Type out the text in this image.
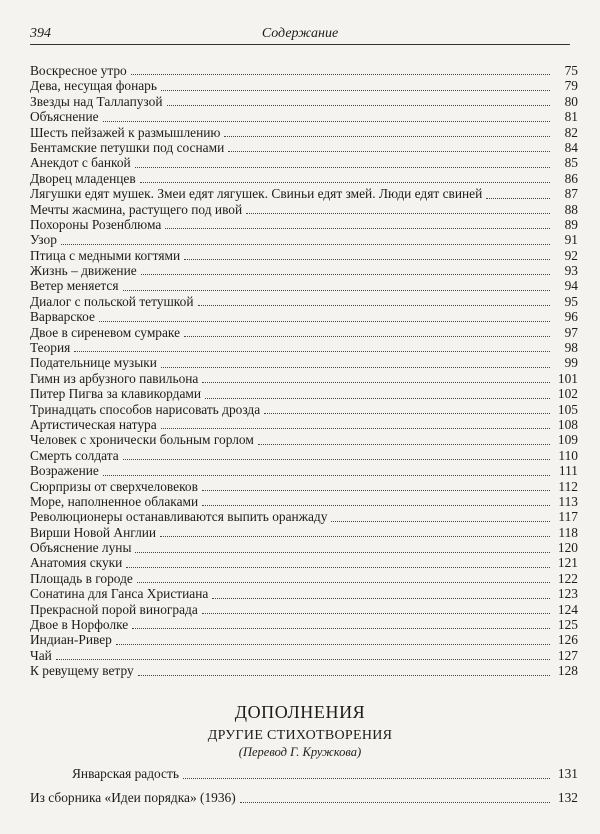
394	Содержание
Воскресное утро	75
Дева, несущая фонарь	79
Звезды над Таллапузой	80
Объяснение	81
Шесть пейзажей к размышлению	82
Бентамские петушки под соснами	84
Анекдот с банкой	85
Дворец младенцев	86
Лягушки едят мушек. Змеи едят лягушек. Свиньи едят змей. Люди едят свиней	87
Мечты жасмина, растущего под ивой	88
Похороны Розенблюма	89
Узор	91
Птица с медными когтями	92
Жизнь – движение	93
Ветер меняется	94
Диалог с польской тетушкой	95
Варварское	96
Двое в сиреневом сумраке	97
Теория	98
Подательнице музыки	99
Гимн из арбузного павильона	101
Питер Пигва за клавикордами	102
Тринадцать способов нарисовать дрозда	105
Артистическая натура	108
Человек с хронически больным горлом	109
Смерть солдата	110
Возражение	111
Сюрпризы от сверхчеловеков	112
Море, наполненное облаками	113
Революционеры останавливаются выпить оранжаду	117
Вирши Новой Англии	118
Объяснение луны	120
Анатомия скуки	121
Площадь в городе	122
Сонатина для Ганса Христиана	123
Прекрасной порой винограда	124
Двое в Норфолке	125
Индиан-Ривер	126
Чай	127
К ревущему ветру	128
ДОПОЛНЕНИЯ
ДРУГИЕ СТИХОТВОРЕНИЯ
(Перевод Г. Кружкова)
Январская радость	131
Из сборника «Идеи порядка» (1936)	132
